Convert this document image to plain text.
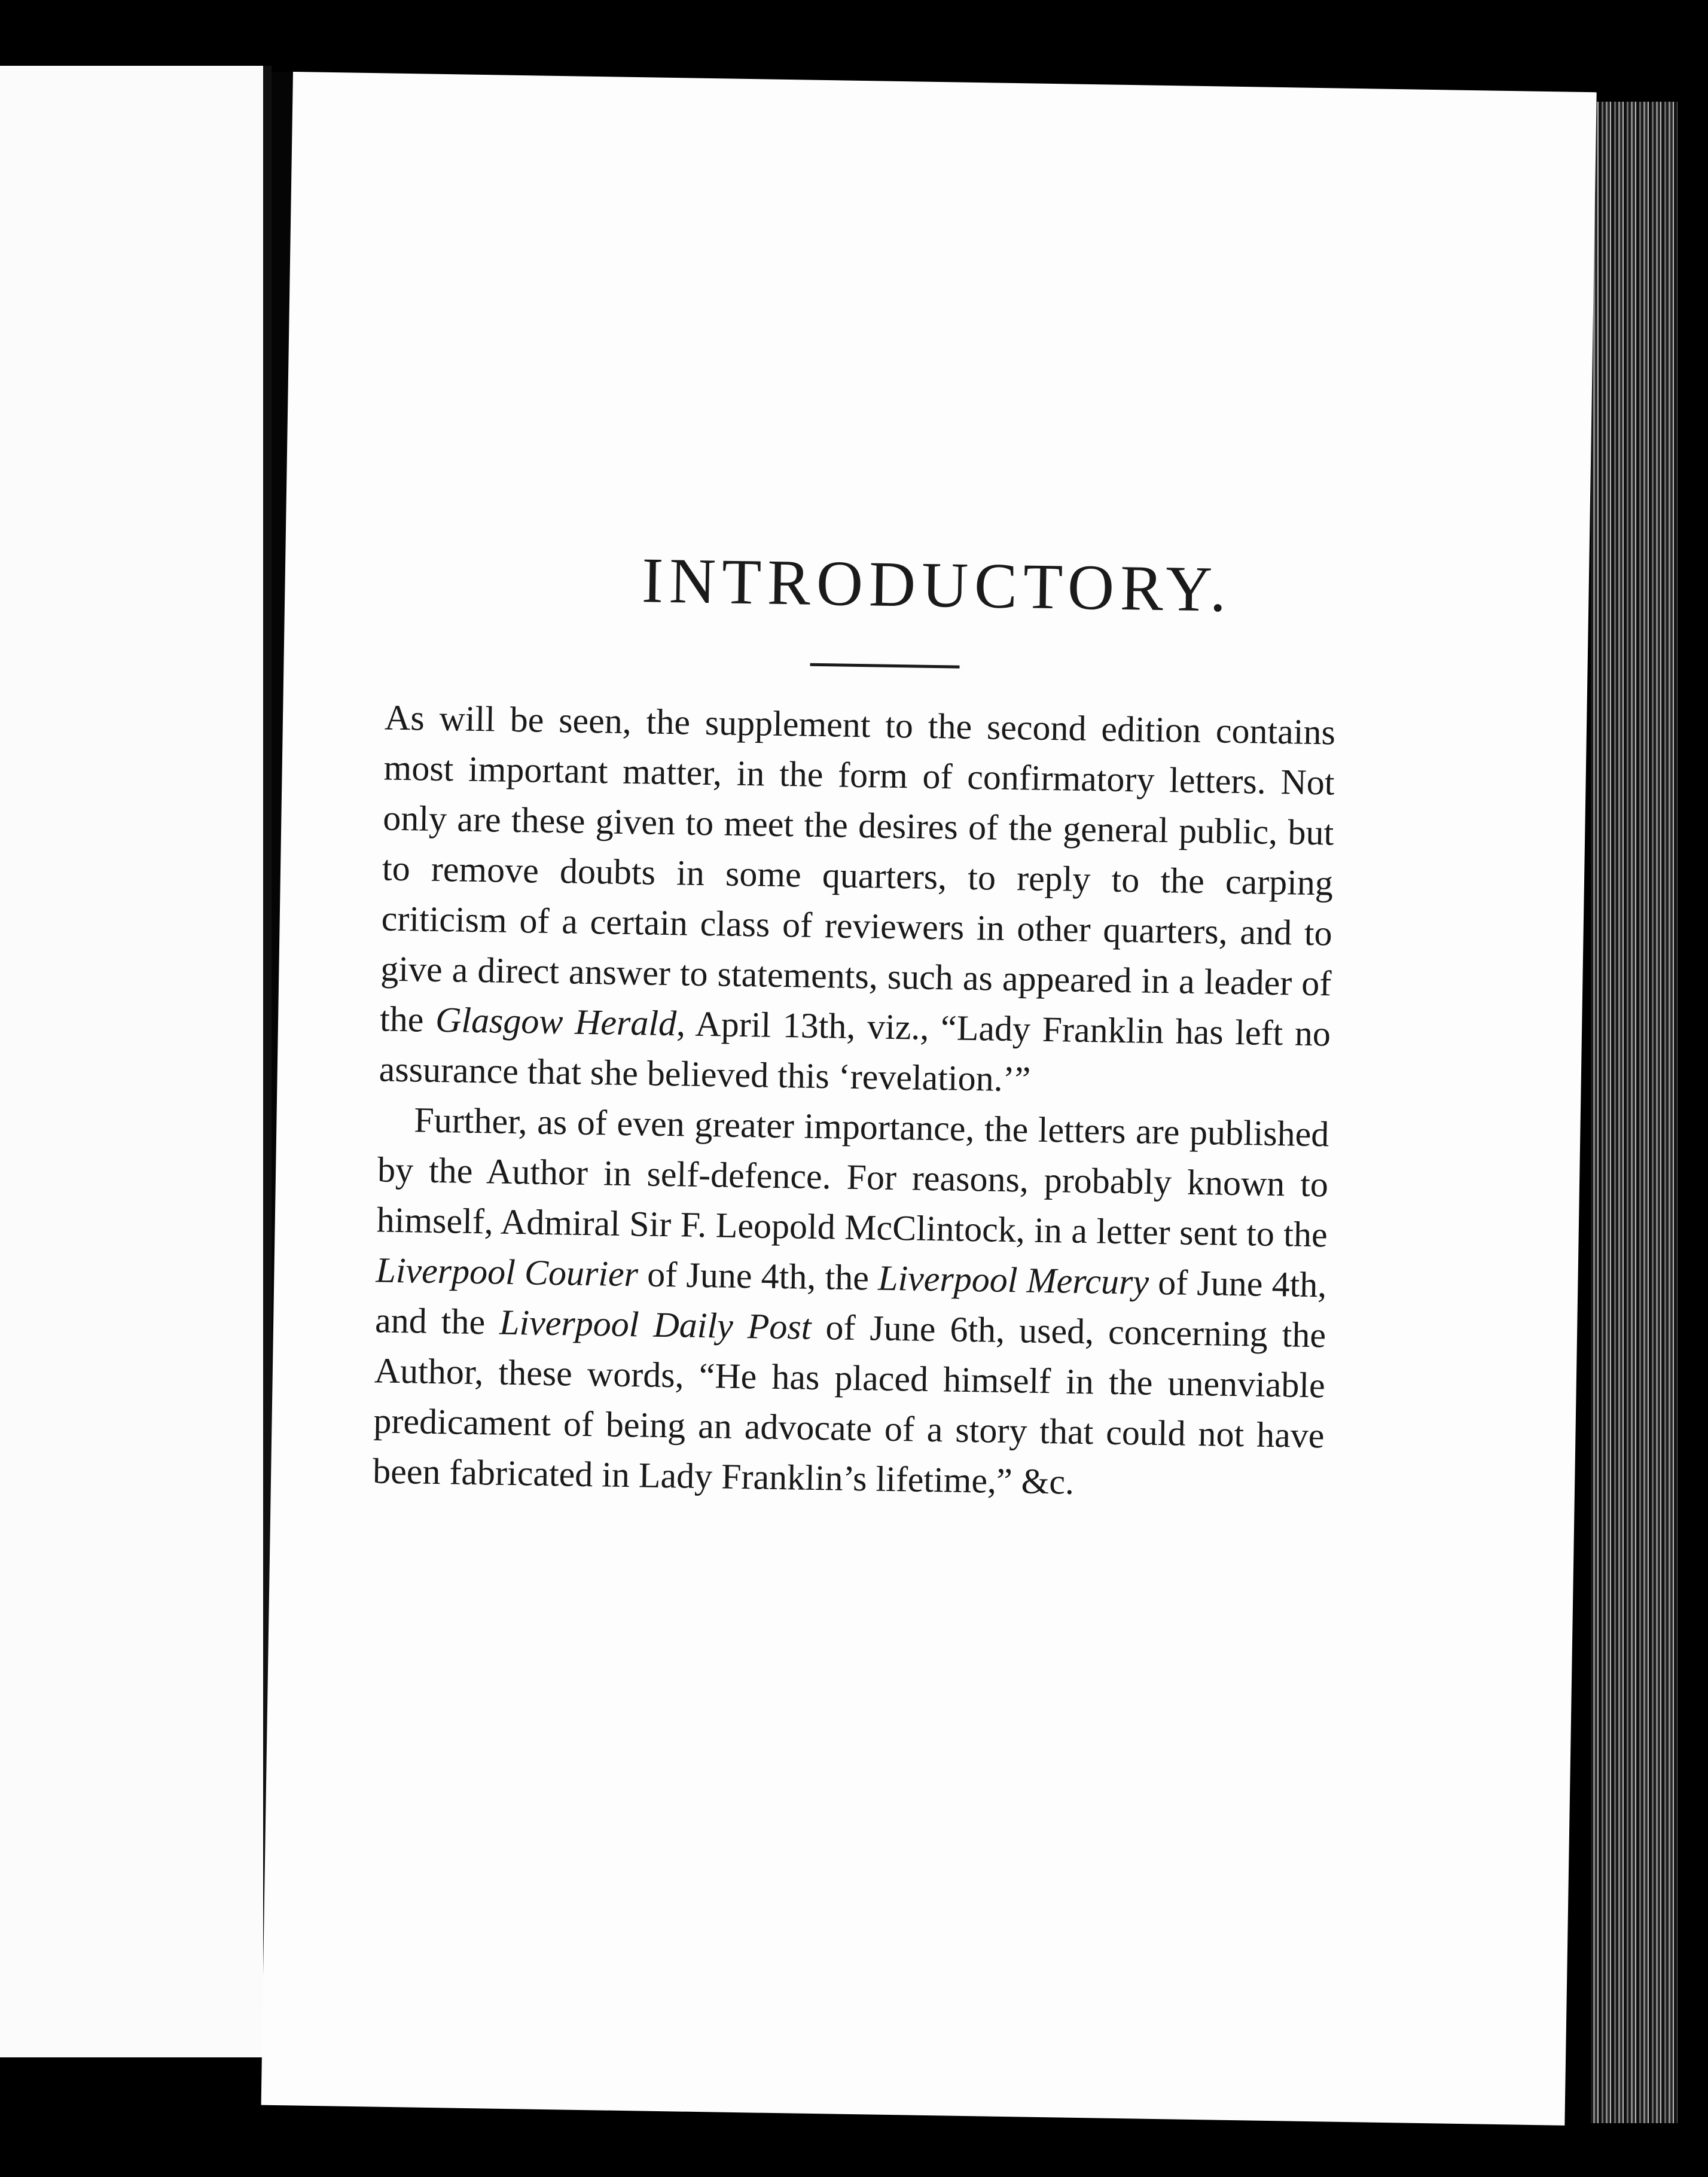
INTRODUCTORY.

As will be seen, the supplement to the second edition contains most important matter, in the form of confirmatory letters. Not only are these given to meet the desires of the general public, but to remove doubts in some quarters, to reply to the carping criticism of a certain class of reviewers in other quarters, and to give a direct answer to statements, such as appeared in a leader of the Glasgow Herald, April 13th, viz., “Lady Franklin has left no assurance that she believed this ‘revelation.’”

Further, as of even greater importance, the letters are published by the Author in self-defence. For reasons, probably known to himself, Admiral Sir F. Leopold McClintock, in a letter sent to the Liverpool Courier of June 4th, the Liverpool Mercury of June 4th, and the Liverpool Daily Post of June 6th, used, concerning the Author, these words, “He has placed himself in the unenviable predicament of being an advocate of a story that could not have been fabricated in Lady Franklin’s lifetime,” &c.
